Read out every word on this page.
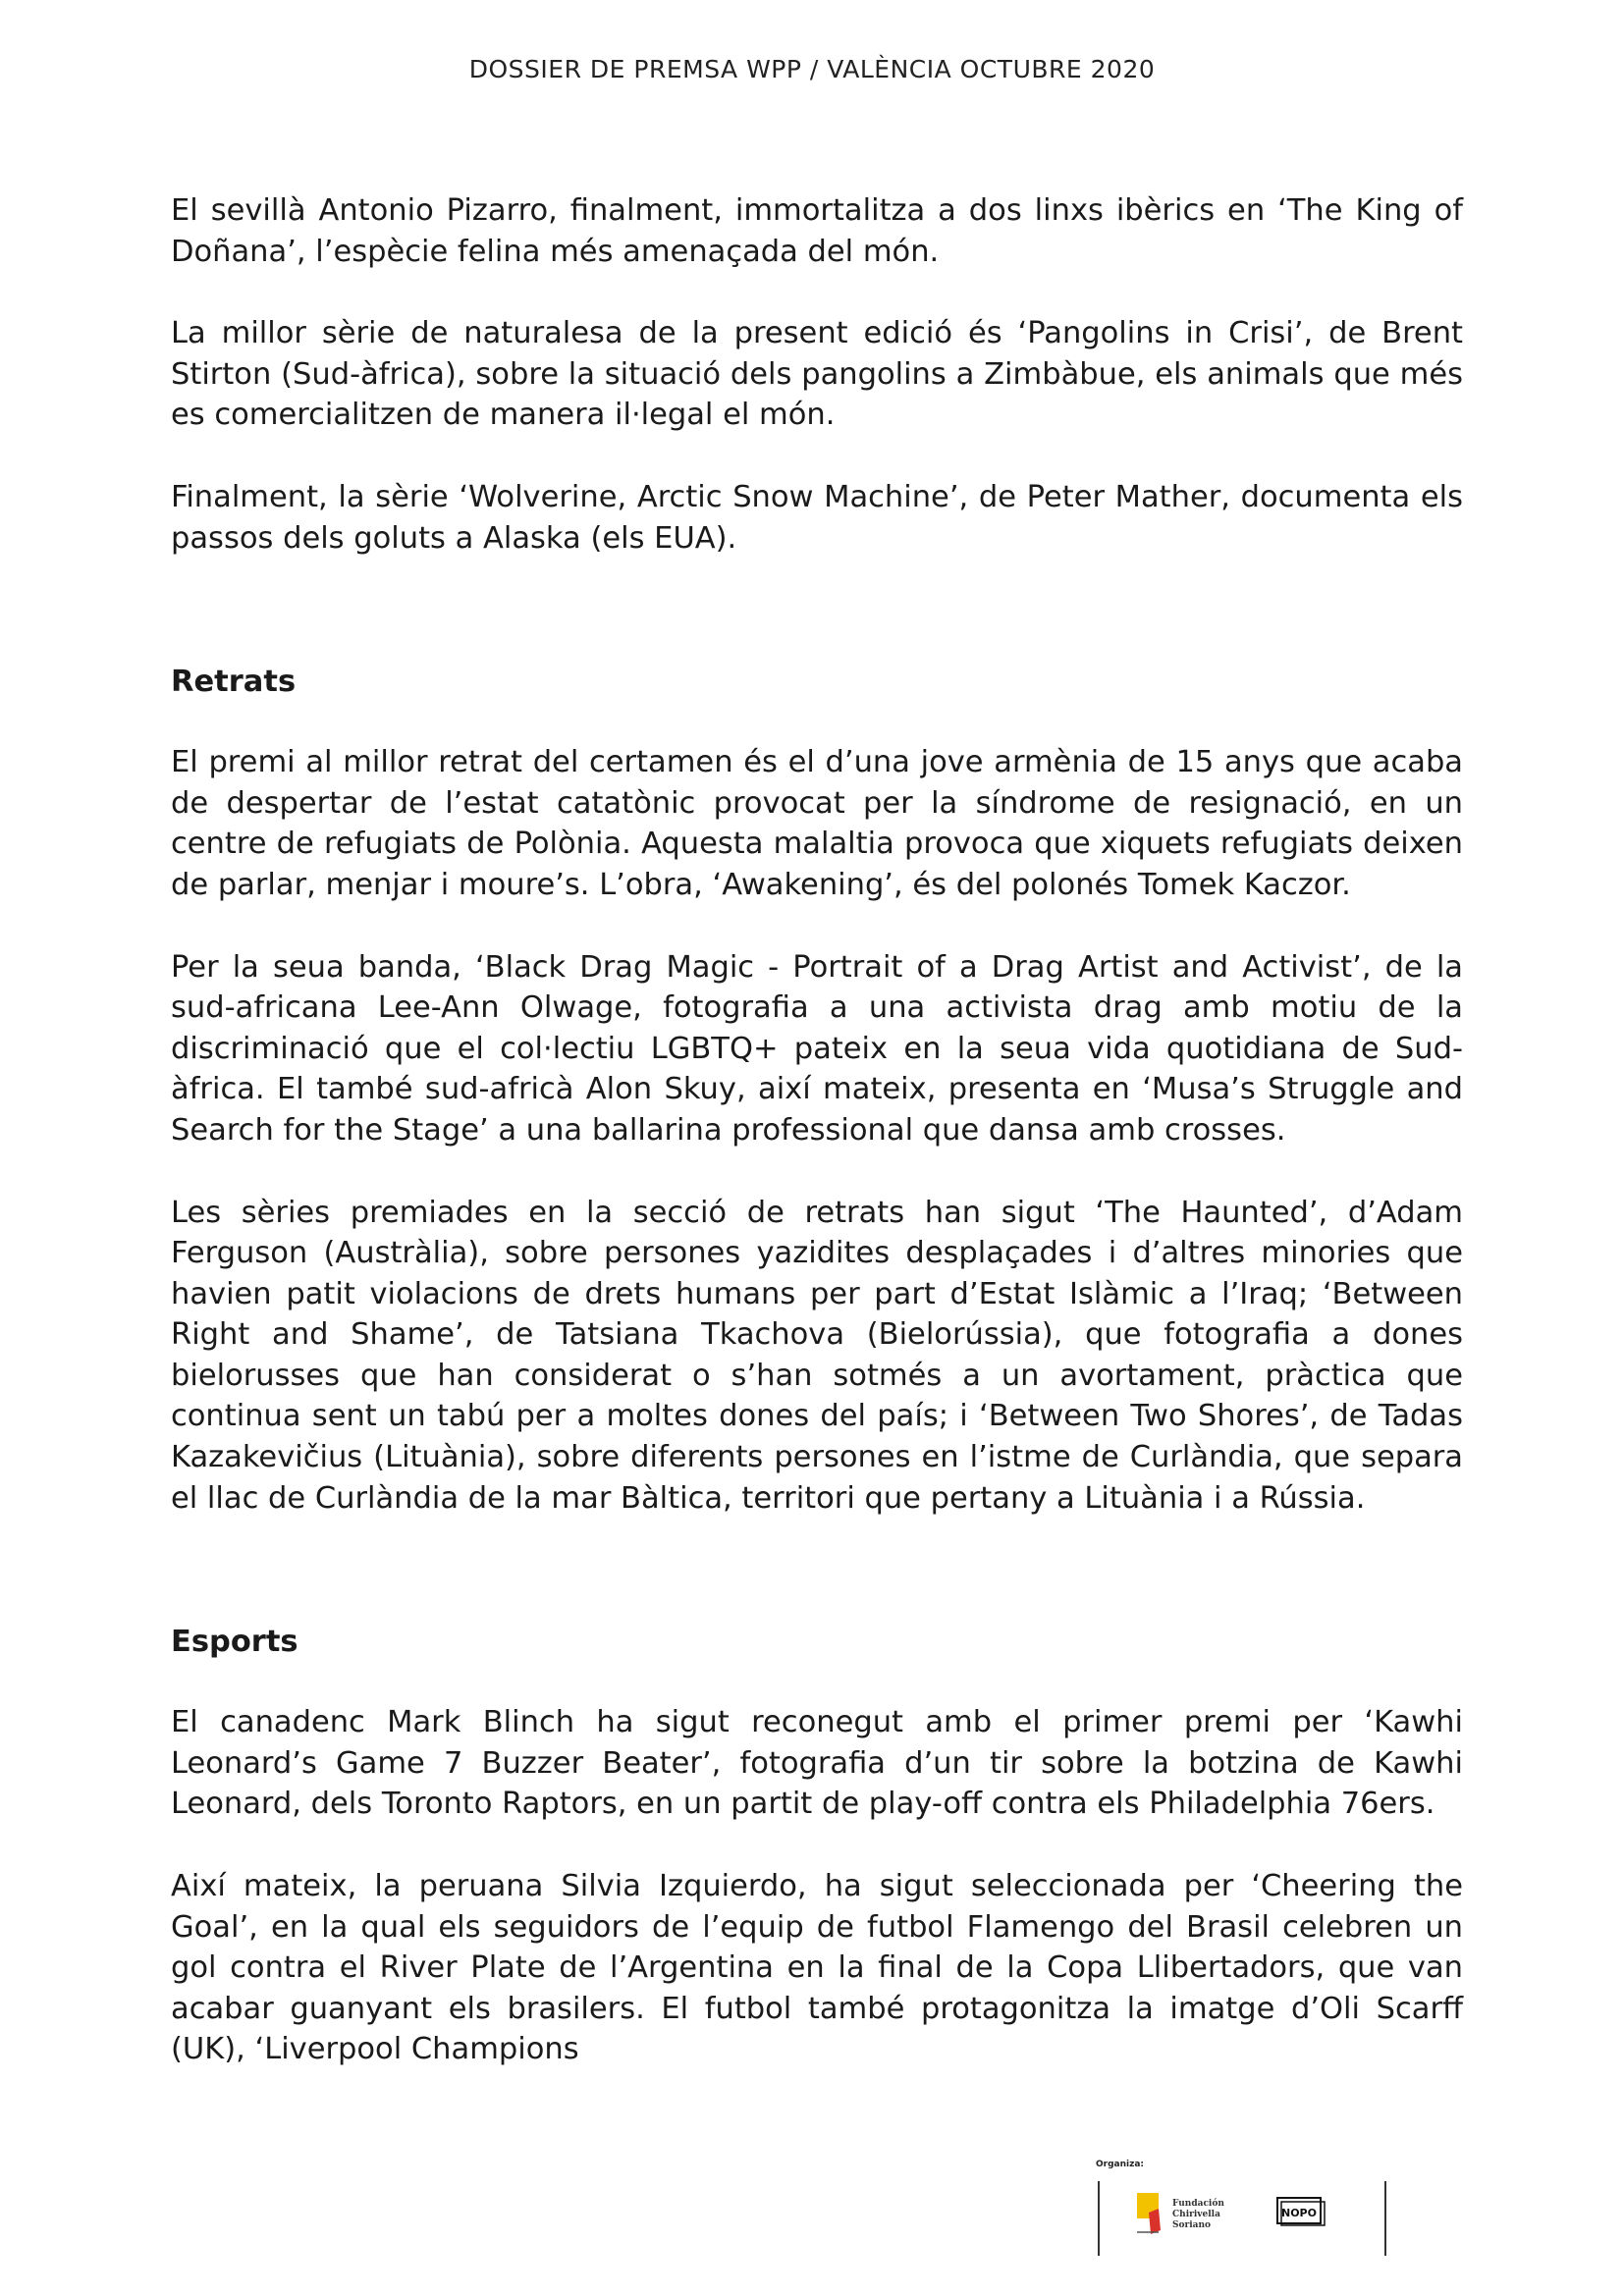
DOSSIER DE PREMSA WPP / VALÈNCIA OCTUBRE 2020

El sevillà Antonio Pizarro, finalment, immortalitza a dos linxs ibèrics en ‘The King of Doñana’, l’espècie felina més amenaçada del món.

La millor sèrie de naturalesa de la present edició és ‘Pangolins in Crisi’, de Brent Stirton (Sud-àfrica), sobre la situació dels pangolins a Zimbàbue, els animals que més es comercialitzen de manera il·legal el món.

Finalment, la sèrie ‘Wolverine, Arctic Snow Machine’, de Peter Mather, documenta els passos dels goluts a Alaska (els EUA).

Retrats

El premi al millor retrat del certamen és el d’una jove armènia de 15 anys que acaba de despertar de l’estat catatònic provocat per la síndrome de resignació, en un centre de refugiats de Polònia. Aquesta malaltia provoca que xiquets refugiats deixen de parlar, menjar i moure’s. L’obra, ‘Awakening’, és del polonés Tomek Kaczor.

Per la seua banda, ‘Black Drag Magic - Portrait of a Drag Artist and Activist’, de la sud-africana Lee-Ann Olwage, fotografia a una activista drag amb motiu de la discriminació que el col·lectiu LGBTQ+ pateix en la seua vida quotidiana de Sud-àfrica. El també sud-africà Alon Skuy, així mateix, presenta en ‘Musa’s Struggle and Search for the Stage’ a una ballarina professional que dansa amb crosses.

Les sèries premiades en la secció de retrats han sigut ‘The Haunted’, d’Adam Ferguson (Austràlia), sobre persones yazidites desplaçades i d’altres minories que havien patit violacions de drets humans per part d’Estat Islàmic a l’Iraq; ‘Between Right and Shame’, de Tatsiana Tkachova (Bielorússia), que fotografia a dones bielorusses que han considerat o s’han sotmés a un avortament, pràctica que continua sent un tabú per a moltes dones del país; i ‘Between Two Shores’, de Tadas Kazakevičius (Lituània), sobre diferents persones en l’istme de Curlàndia, que separa el llac de Curlàndia de la mar Bàltica, territori que pertany a Lituània i a Rússia.

Esports

El canadenc Mark Blinch ha sigut reconegut amb el primer premi per ‘Kawhi Leonard’s Game 7 Buzzer Beater’, fotografia d’un tir sobre la botzina de Kawhi Leonard, dels Toronto Raptors, en un partit de play-off contra els Philadelphia 76ers.

Així mateix, la peruana Silvia Izquierdo, ha sigut seleccionada per ‘Cheering the Goal’, en la qual els seguidors de l’equip de futbol Flamengo del Brasil celebren un gol contra el River Plate de l’Argentina en la final de la Copa Llibertadors, que van acabar guanyant els brasilers. El futbol també protagonitza la imatge d’Oli Scarff (UK), ‘Liverpool Champions

Organiza:
Fundación
Chirivella
Soriano
NOPO
